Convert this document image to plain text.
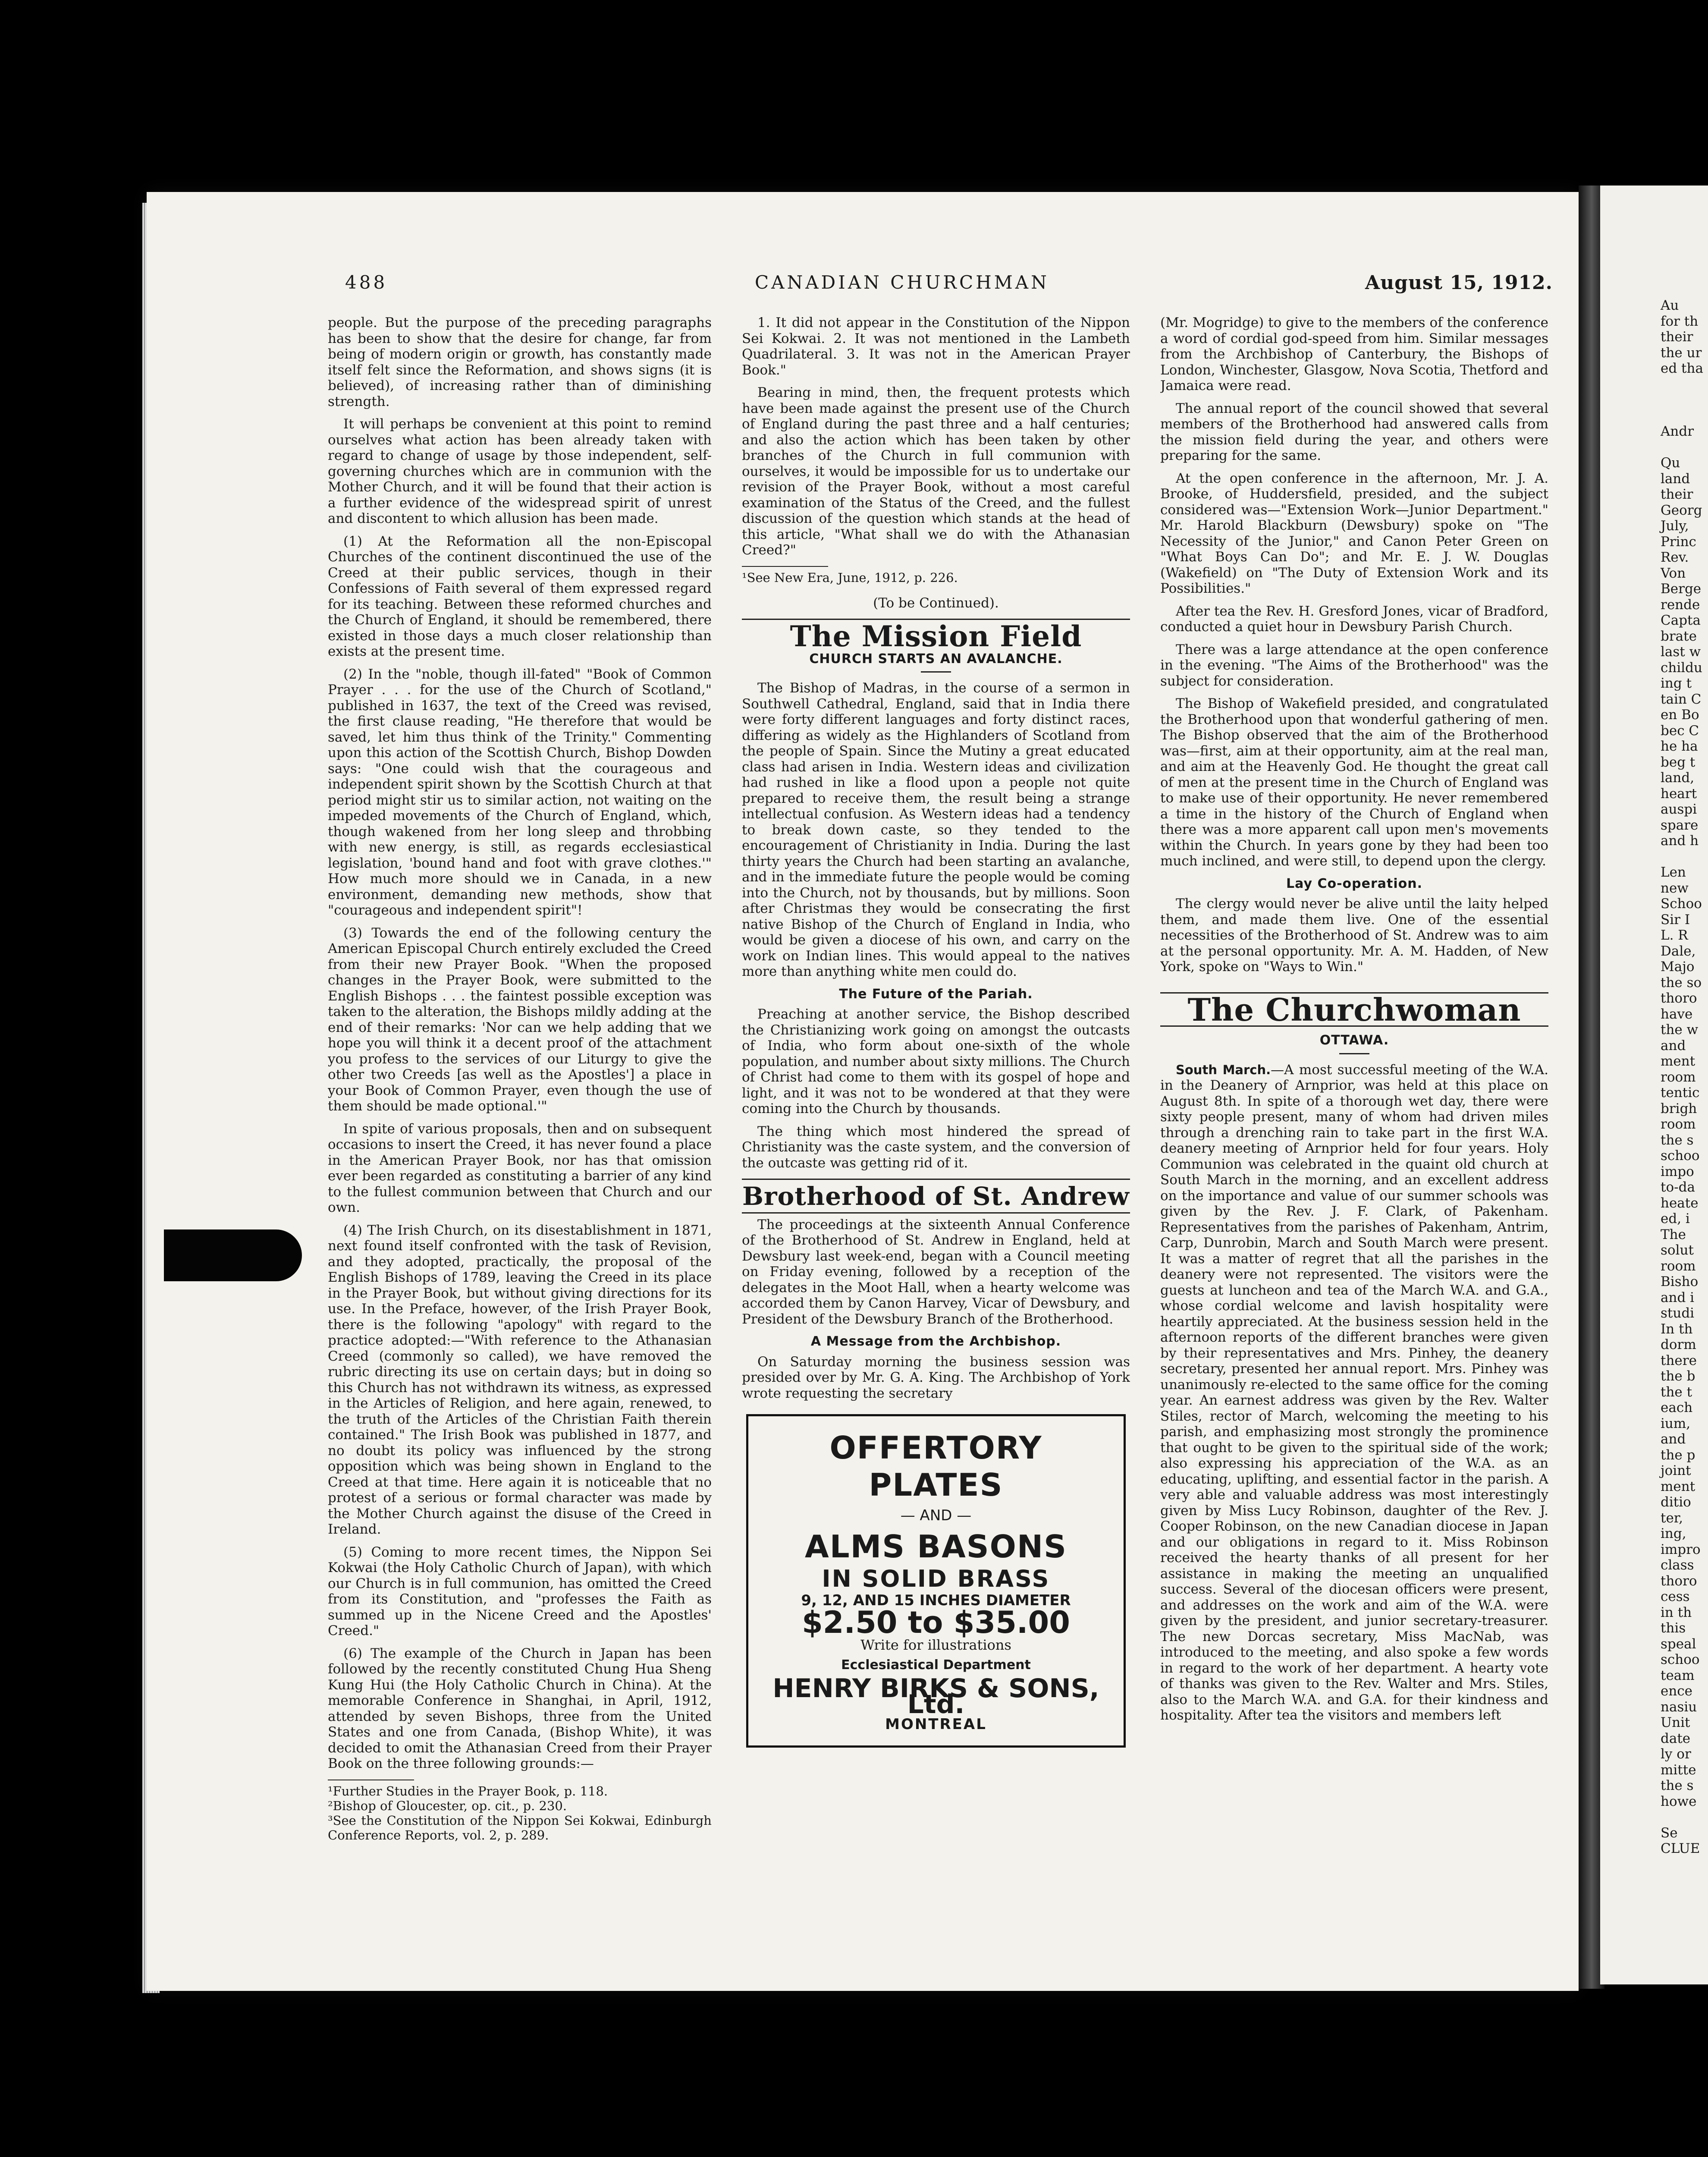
Au
for th
their
the ur
ed tha
Andr
Qu
land
their
Georg
July,
Princ
Rev.
Von
Berge
rende
Capta
brate
last w
childu
ing t
tain C
en Bo
bec C
he ha
beg t
land,
heart
auspi
spare
and h
Len
new
Schoo
Sir I
L. R
Dale,
Majo
the so
thoro
have
the w
and
ment
room
tentic
brigh
room
the s
schoo
impo
to-da
heate
ed, i
The
solut
room
Bisho
and i
studi
In th
dorm
there
the b
the t
each
ium,
and
the p
joint
ment
ditio
ter,
ing,
impro
class
thoro
cess
in th
this
speal
schoo
team
ence
nasiu
Unit
date
ly or
mitte
the s
howe
Se
CLUE
488	CANADIAN CHURCHMAN	August 15, 1912.

people. But the purpose of the preceding paragraphs has been to show that the desire for change, far from being of modern origin or growth, has constantly made itself felt since the Reformation, and shows signs (it is believed), of increasing rather than of diminishing strength.

It will perhaps be convenient at this point to remind ourselves what action has been already taken with regard to change of usage by those independent, self-governing churches which are in communion with the Mother Church, and it will be found that their action is a further evidence of the widespread spirit of unrest and discontent to which allusion has been made.

(1) At the Reformation all the non-Episcopal Churches of the continent discontinued the use of the Creed at their public services, though in their Confessions of Faith several of them expressed regard for its teaching. Between these reformed churches and the Church of England, it should be remembered, there existed in those days a much closer relationship than exists at the present time.

(2) In the "noble, though ill-fated" "Book of Common Prayer . . . for the use of the Church of Scotland," published in 1637, the text of the Creed was revised, the first clause reading, "He therefore that would be saved, let him thus think of the Trinity." Commenting upon this action of the Scottish Church, Bishop Dowden says: "One could wish that the courageous and independent spirit shown by the Scottish Church at that period might stir us to similar action, not waiting on the impeded movements of the Church of England, which, though wakened from her long sleep and throbbing with new energy, is still, as regards ecclesiastical legislation, 'bound hand and foot with grave clothes.'" How much more should we in Canada, in a new environment, demanding new methods, show that "courageous and independent spirit"!

(3) Towards the end of the following century the American Episcopal Church entirely excluded the Creed from their new Prayer Book. "When the proposed changes in the Prayer Book, were submitted to the English Bishops . . . the faintest possible exception was taken to the alteration, the Bishops mildly adding at the end of their remarks: 'Nor can we help adding that we hope you will think it a decent proof of the attachment you profess to the services of our Liturgy to give the other two Creeds [as well as the Apostles'] a place in your Book of Common Prayer, even though the use of them should be made optional.'"

In spite of various proposals, then and on subsequent occasions to insert the Creed, it has never found a place in the American Prayer Book, nor has that omission ever been regarded as constituting a barrier of any kind to the fullest communion between that Church and our own.

(4) The Irish Church, on its disestablishment in 1871, next found itself confronted with the task of Revision, and they adopted, practically, the proposal of the English Bishops of 1789, leaving the Creed in its place in the Prayer Book, but without giving directions for its use. In the Preface, however, of the Irish Prayer Book, there is the following "apology" with regard to the practice adopted:—"With reference to the Athanasian Creed (commonly so called), we have removed the rubric directing its use on certain days; but in doing so this Church has not withdrawn its witness, as expressed in the Articles of Religion, and here again, renewed, to the truth of the Articles of the Christian Faith therein contained." The Irish Book was published in 1877, and no doubt its policy was influenced by the strong opposition which was being shown in England to the Creed at that time. Here again it is noticeable that no protest of a serious or formal character was made by the Mother Church against the disuse of the Creed in Ireland.

(5) Coming to more recent times, the Nippon Sei Kokwai (the Holy Catholic Church of Japan), with which our Church is in full communion, has omitted the Creed from its Constitution, and "professes the Faith as summed up in the Nicene Creed and the Apostles' Creed."

(6) The example of the Church in Japan has been followed by the recently constituted Chung Hua Sheng Kung Hui (the Holy Catholic Church in China). At the memorable Conference in Shanghai, in April, 1912, attended by seven Bishops, three from the United States and one from Canada, (Bishop White), it was decided to omit the Athanasian Creed from their Prayer Book on the three following grounds:—

¹Further Studies in the Prayer Book, p. 118.
²Bishop of Gloucester, op. cit., p. 230.
³See the Constitution of the Nippon Sei Kokwai, Edinburgh Conference Reports, vol. 2, p. 289.

1. It did not appear in the Constitution of the Nippon Sei Kokwai. 2. It was not mentioned in the Lambeth Quadrilateral. 3. It was not in the American Prayer Book."

Bearing in mind, then, the frequent protests which have been made against the present use of the Church of England during the past three and a half centuries; and also the action which has been taken by other branches of the Church in full communion with ourselves, it would be impossible for us to undertake our revision of the Prayer Book, without a most careful examination of the Status of the Creed, and the fullest discussion of the question which stands at the head of this article, "What shall we do with the Athanasian Creed?"

¹See New Era, June, 1912, p. 226.

(To be Continued).

The Mission Field
CHURCH STARTS AN AVALANCHE.

The Bishop of Madras, in the course of a sermon in Southwell Cathedral, England, said that in India there were forty different languages and forty distinct races, differing as widely as the Highlanders of Scotland from the people of Spain. Since the Mutiny a great educated class had arisen in India. Western ideas and civilization had rushed in like a flood upon a people not quite prepared to receive them, the result being a strange intellectual confusion. As Western ideas had a tendency to break down caste, so they tended to the encouragement of Christianity in India. During the last thirty years the Church had been starting an avalanche, and in the immediate future the people would be coming into the Church, not by thousands, but by millions. Soon after Christmas they would be consecrating the first native Bishop of the Church of England in India, who would be given a diocese of his own, and carry on the work on Indian lines. This would appeal to the natives more than anything white men could do.

The Future of the Pariah.

Preaching at another service, the Bishop described the Christianizing work going on amongst the outcasts of India, who form about one-sixth of the whole population, and number about sixty millions. The Church of Christ had come to them with its gospel of hope and light, and it was not to be wondered at that they were coming into the Church by thousands.

The thing which most hindered the spread of Christianity was the caste system, and the conversion of the outcaste was getting rid of it.

Brotherhood of St. Andrew

The proceedings at the sixteenth Annual Conference of the Brotherhood of St. Andrew in England, held at Dewsbury last week-end, began with a Council meeting on Friday evening, followed by a reception of the delegates in the Moot Hall, when a hearty welcome was accorded them by Canon Harvey, Vicar of Dewsbury, and President of the Dewsbury Branch of the Brotherhood.

A Message from the Archbishop.

On Saturday morning the business session was presided over by Mr. G. A. King. The Archbishop of York wrote requesting the secretary

OFFERTORY PLATES
— AND —
ALMS BASONS
IN SOLID BRASS
9, 12, AND 15 INCHES DIAMETER
$2.50 to $35.00
Write for illustrations
Ecclesiastical Department
HENRY BIRKS & SONS, Ltd.
MONTREAL

(Mr. Mogridge) to give to the members of the conference a word of cordial god-speed from him. Similar messages from the Archbishop of Canterbury, the Bishops of London, Winchester, Glasgow, Nova Scotia, Thetford and Jamaica were read.

The annual report of the council showed that several members of the Brotherhood had answered calls from the mission field during the year, and others were preparing for the same.

At the open conference in the afternoon, Mr. J. A. Brooke, of Huddersfield, presided, and the subject considered was—"Extension Work—Junior Department." Mr. Harold Blackburn (Dewsbury) spoke on "The Necessity of the Junior," and Canon Peter Green on "What Boys Can Do"; and Mr. E. J. W. Douglas (Wakefield) on "The Duty of Extension Work and its Possibilities."

After tea the Rev. H. Gresford Jones, vicar of Bradford, conducted a quiet hour in Dewsbury Parish Church.

There was a large attendance at the open conference in the evening. "The Aims of the Brotherhood" was the subject for consideration.

The Bishop of Wakefield presided, and congratulated the Brotherhood upon that wonderful gathering of men. The Bishop observed that the aim of the Brotherhood was—first, aim at their opportunity, aim at the real man, and aim at the Heavenly God. He thought the great call of men at the present time in the Church of England was to make use of their opportunity. He never remembered a time in the history of the Church of England when there was a more apparent call upon men's movements within the Church. In years gone by they had been too much inclined, and were still, to depend upon the clergy.

Lay Co-operation.

The clergy would never be alive until the laity helped them, and made them live. One of the essential necessities of the Brotherhood of St. Andrew was to aim at the personal opportunity. Mr. A. M. Hadden, of New York, spoke on "Ways to Win."

The Churchwoman
OTTAWA.

South March.—A most successful meeting of the W.A. in the Deanery of Arnprior, was held at this place on August 8th. In spite of a thorough wet day, there were sixty people present, many of whom had driven miles through a drenching rain to take part in the first W.A. deanery meeting of Arnprior held for four years. Holy Communion was celebrated in the quaint old church at South March in the morning, and an excellent address on the importance and value of our summer schools was given by the Rev. J. F. Clark, of Pakenham. Representatives from the parishes of Pakenham, Antrim, Carp, Dunrobin, March and South March were present. It was a matter of regret that all the parishes in the deanery were not represented. The visitors were the guests at luncheon and tea of the March W.A. and G.A., whose cordial welcome and lavish hospitality were heartily appreciated. At the business session held in the afternoon reports of the different branches were given by their representatives and Mrs. Pinhey, the deanery secretary, presented her annual report. Mrs. Pinhey was unanimously re-elected to the same office for the coming year. An earnest address was given by the Rev. Walter Stiles, rector of March, welcoming the meeting to his parish, and emphasizing most strongly the prominence that ought to be given to the spiritual side of the work; also expressing his appreciation of the W.A. as an educating, uplifting, and essential factor in the parish. A very able and valuable address was most interestingly given by Miss Lucy Robinson, daughter of the Rev. J. Cooper Robinson, on the new Canadian diocese in Japan and our obligations in regard to it. Miss Robinson received the hearty thanks of all present for her assistance in making the meeting an unqualified success. Several of the diocesan officers were present, and addresses on the work and aim of the W.A. were given by the president, and junior secretary-treasurer. The new Dorcas secretary, Miss MacNab, was introduced to the meeting, and also spoke a few words in regard to the work of her department. A hearty vote of thanks was given to the Rev. Walter and Mrs. Stiles, also to the March W.A. and G.A. for their kindness and hospitality. After tea the visitors and members left
